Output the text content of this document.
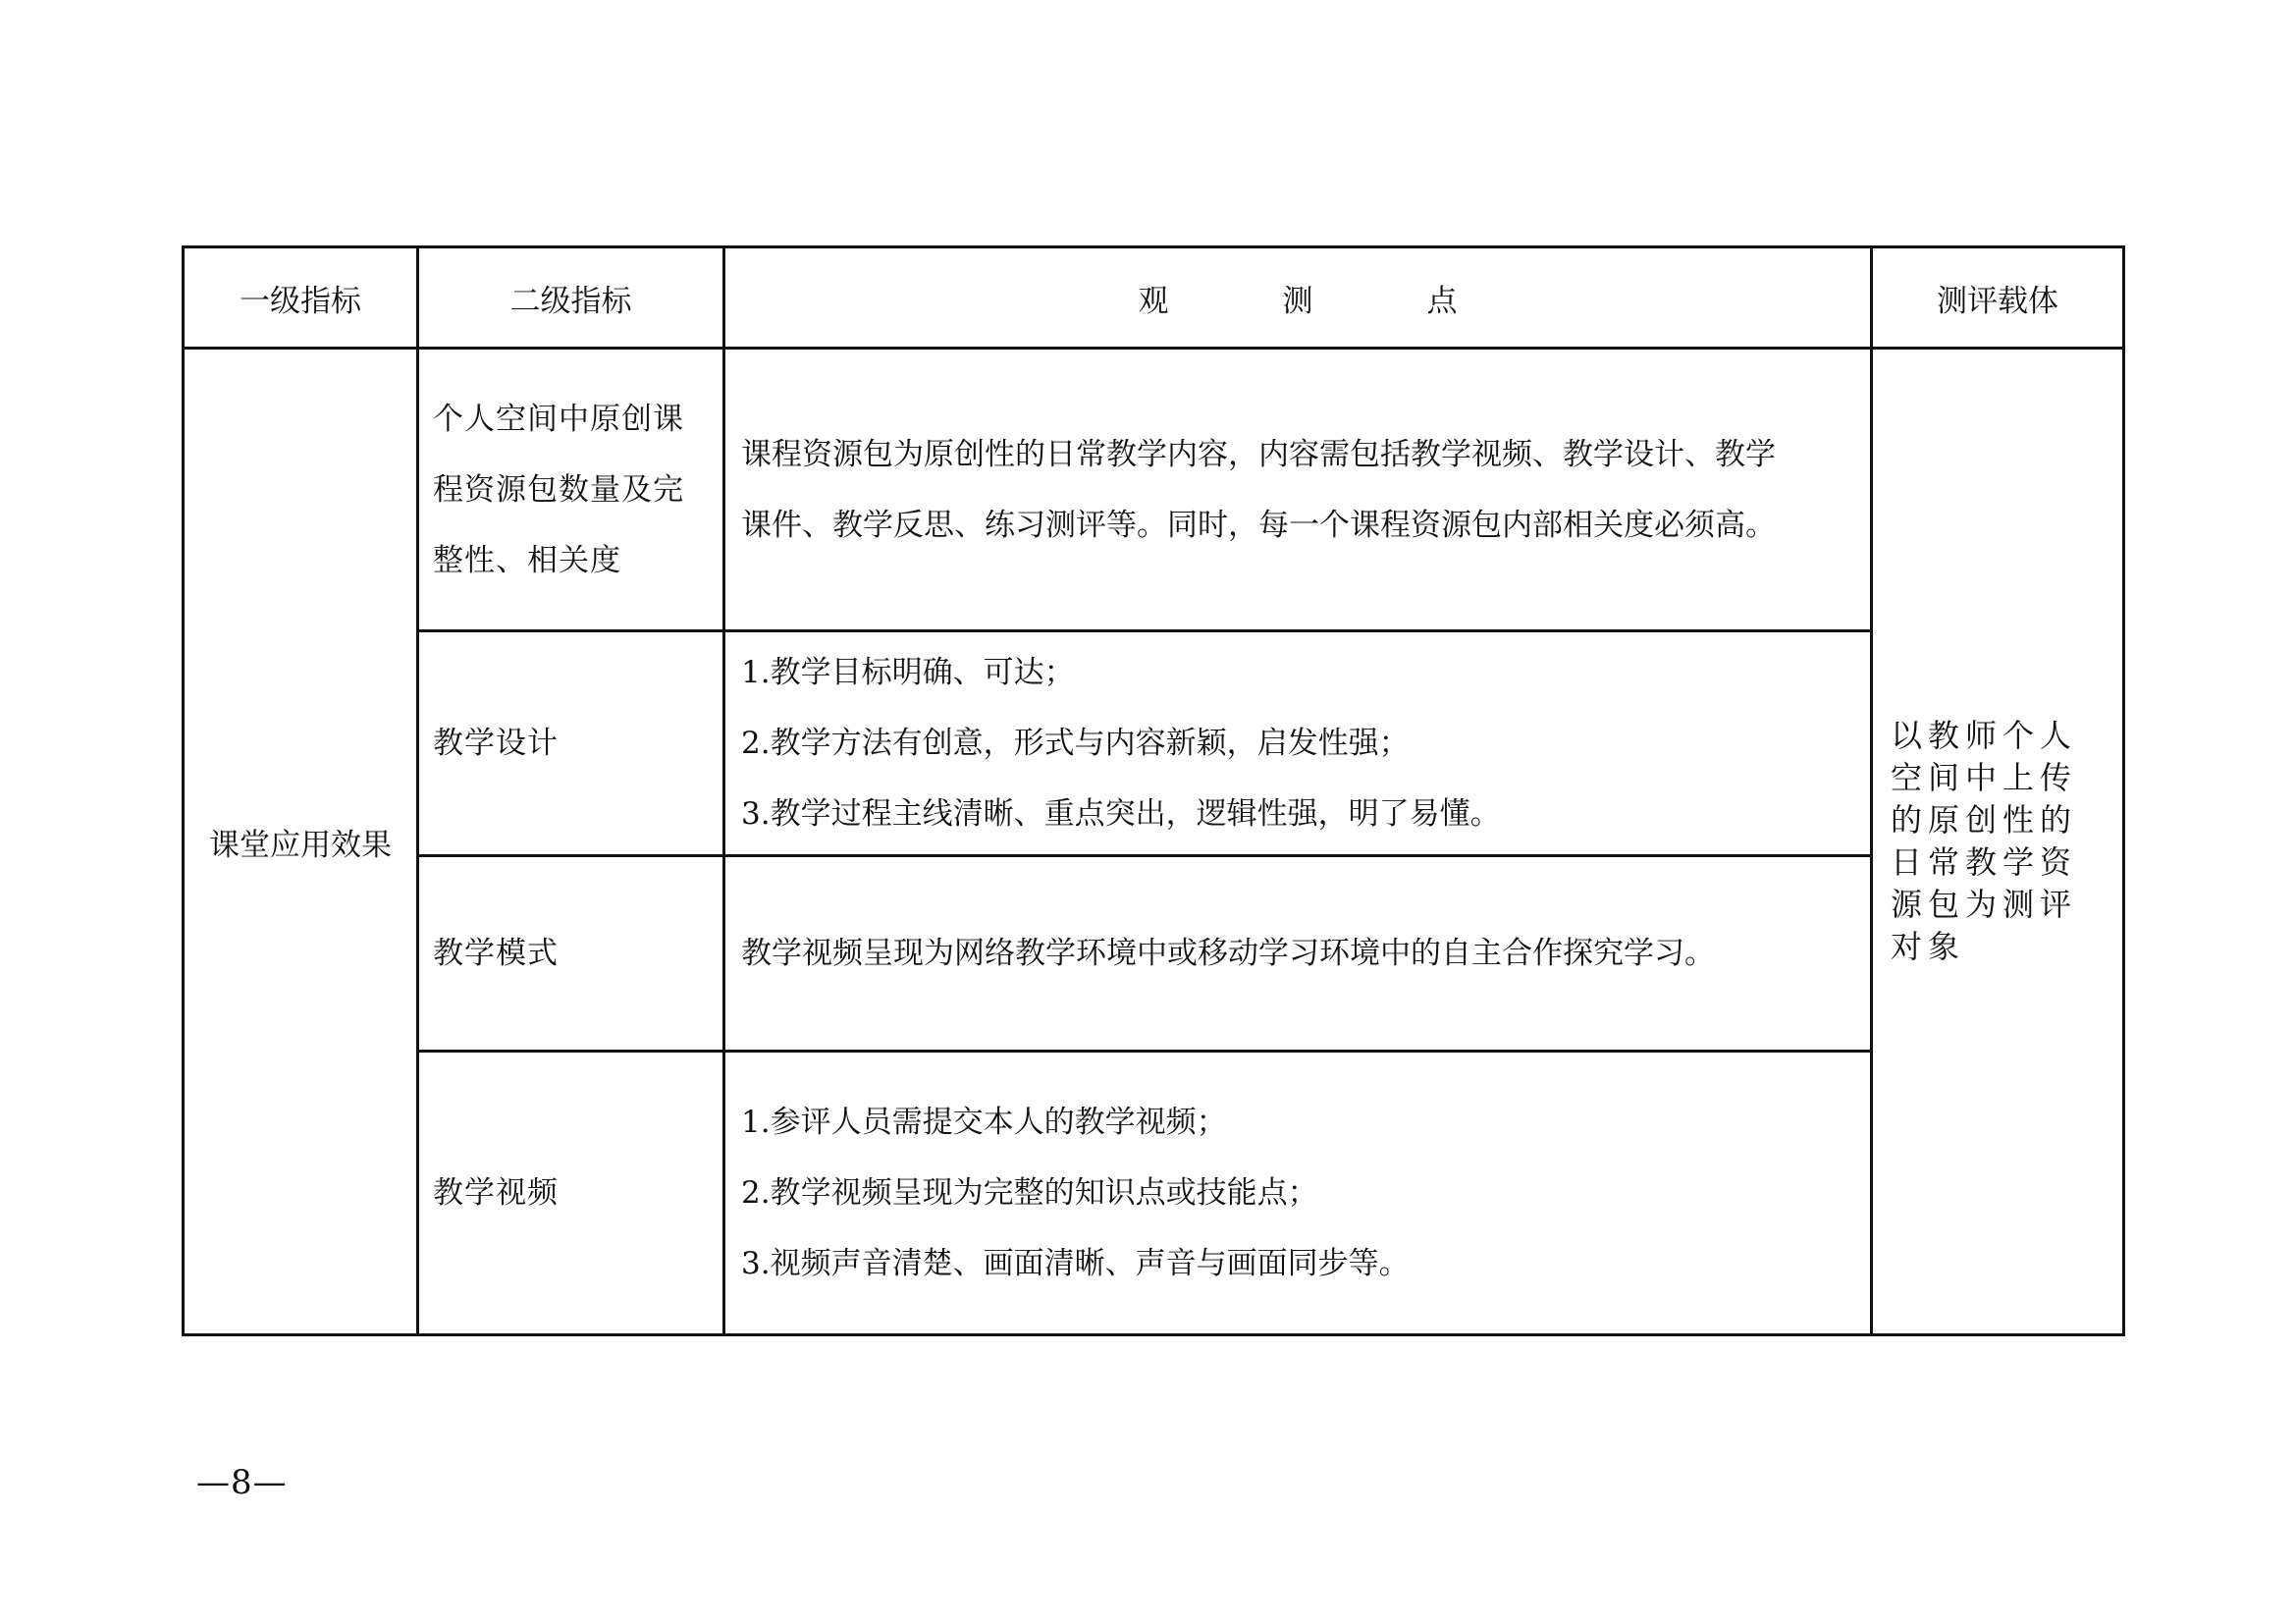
一级指标	二级指标	观 测 点	测评载体
课堂应用效果	个人空间中原创课程资源包数量及完整性、相关度	课程资源包为原创性的日常教学内容，内容需包括教学视频、教学设计、教学
课件、教学反思、练习测评等。同时，每一个课程资源包内部相关度必须高。	以教师个人空间中上传的原创性的日常教学资源包为测评对象
	教学设计	1.教学目标明确、可达；
2.教学方法有创意，形式与内容新颖，启发性强；
3.教学过程主线清晰、重点突出，逻辑性强，明了易懂。	

	教学模式	教学视频呈现为网络教学环境中或移动学习环境中的自主合作探究学习。	

	教学视频	1.参评人员需提交本人的教学视频；
2.教学视频呈现为完整的知识点或技能点；
3.视频声音清楚、画面清晰、声音与画面同步等。	
—8—
